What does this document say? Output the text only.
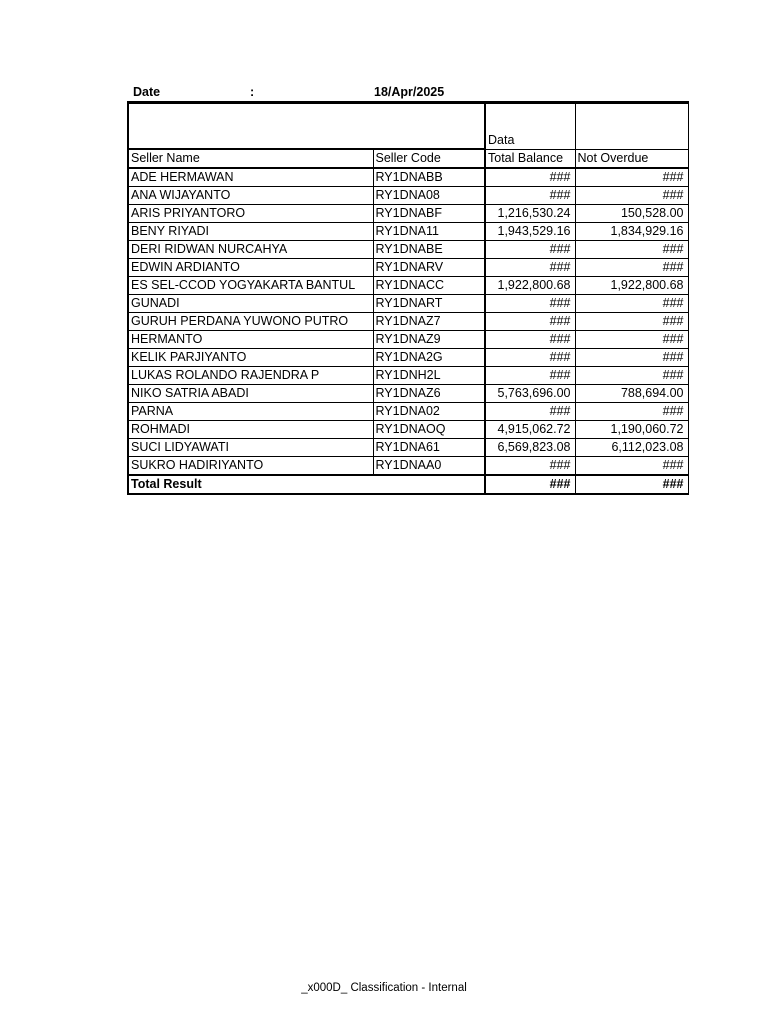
Date	:	18/Apr/2025
		Data	
Seller Name	Seller Code	Total Balance	Not Overdue
ADE HERMAWAN	RY1DNABB	###	###
ANA WIJAYANTO	RY1DNA08	###	###
ARIS PRIYANTORO	RY1DNABF	1,216,530.24	150,528.00
BENY RIYADI	RY1DNA11	1,943,529.16	1,834,929.16
DERI RIDWAN NURCAHYA	RY1DNABE	###	###
EDWIN ARDIANTO	RY1DNARV	###	###
ES SEL-CCOD YOGYAKARTA BANTUL	RY1DNACC	1,922,800.68	1,922,800.68
GUNADI	RY1DNART	###	###
GURUH PERDANA YUWONO PUTRO	RY1DNAZ7	###	###
HERMANTO	RY1DNAZ9	###	###
KELIK PARJIYANTO	RY1DNA2G	###	###
LUKAS ROLANDO RAJENDRA P	RY1DNH2L	###	###
NIKO SATRIA ABADI	RY1DNAZ6	5,763,696.00	788,694.00
PARNA	RY1DNA02	###	###
ROHMADI	RY1DNAOQ	4,915,062.72	1,190,060.72
SUCI LIDYAWATI	RY1DNA61	6,569,823.08	6,112,023.08
SUKRO HADIRIYANTO	RY1DNAA0	###	###
Total Result		###	###
_x000D_ Classification - Internal
